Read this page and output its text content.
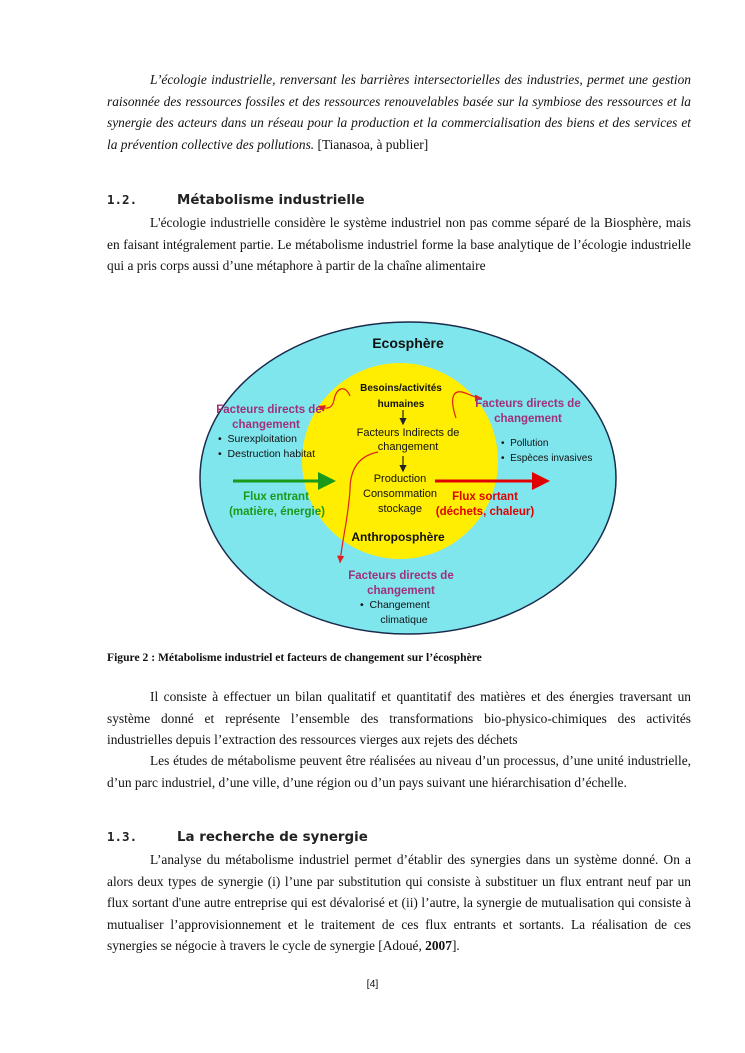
L’écologie industrielle, renversant les barrières intersectorielles des industries, permet une gestion raisonnée des ressources fossiles et des ressources renouvelables basée sur la symbiose des ressources et la synergie des acteurs dans un réseau pour la production et la commercialisation des biens et des services et la prévention collective des pollutions. [Tianasoa, à publier]
1.2.	Métabolisme industrielle
L'écologie industrielle considère le système industriel non pas comme séparé de la Biosphère, mais en faisant intégralement partie. Le métabolisme industriel forme la base analytique de l’écologie industrielle qui a pris corps aussi d’une métaphore à partir de la chaîne alimentaire
Ecosphère
Besoins/activités
humaines
Facteurs Indirects de
changement
Production
Consommation
stockage
Anthroposphère
Facteurs directs de
changement
•  Surexploitation
•  Destruction habitat
Facteurs directs de
changement
•  Pollution
•  Espèces invasives
Flux entrant
(matière, énergie)
Flux sortant
(déchets, chaleur)
Facteurs directs de
changement
•  Changement
climatique
Figure 2 : Métabolisme industriel et facteurs de changement sur l’écosphère
Il consiste à effectuer un bilan qualitatif et quantitatif des matières et des énergies traversant un système donné et représente l’ensemble des transformations bio-physico-chimiques des activités industrielles depuis l’extraction des ressources vierges aux rejets des déchets
Les études de métabolisme peuvent être réalisées au niveau d’un processus, d’une unité industrielle, d’un parc industriel, d’une ville, d’une région ou d’un pays suivant une hiérarchisation d’échelle.
1.3.	La recherche de synergie
L’analyse du métabolisme industriel permet d’établir des synergies dans un système donné. On a alors deux types de synergie (i) l’une par substitution qui consiste à substituer un flux entrant neuf par un flux sortant d'une autre entreprise qui est dévalorisé et (ii) l’autre, la synergie de mutualisation qui consiste à mutualiser l’approvisionnement et le traitement de ces flux entrants et sortants. La réalisation de ces synergies se négocie à travers le cycle de synergie [Adoué, 2007].
[4]
